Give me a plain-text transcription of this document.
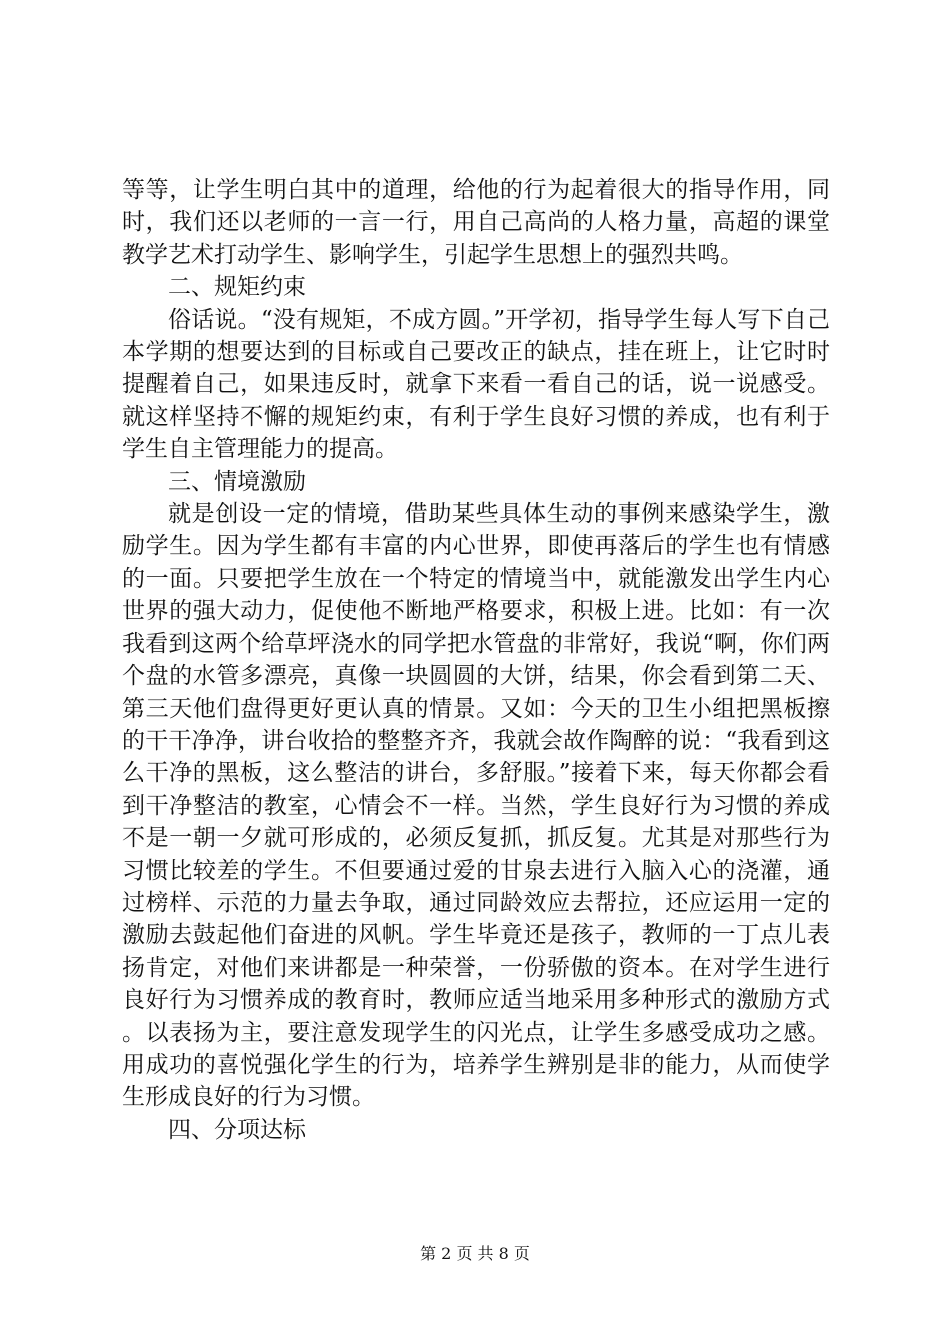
等等，让学生明白其中的道理，给他的行为起着很大的指导作用，同时，我们还以老师的一言一行，用自己高尚的人格力量，高超的课堂教学艺术打动学生、影响学生，引起学生思想上的强烈共鸣。

二、规矩约束

俗话说。“没有规矩，不成方圆。”开学初，指导学生每人写下自己本学期的想要达到的目标或自己要改正的缺点，挂在班上，让它时时提醒着自己，如果违反时，就拿下来看一看自己的话，说一说感受。就这样坚持不懈的规矩约束，有利于学生良好习惯的养成，也有利于学生自主管理能力的提高。

三、情境激励

就是创设一定的情境，借助某些具体生动的事例来感染学生，激励学生。因为学生都有丰富的内心世界，即使再落后的学生也有情感的一面。只要把学生放在一个特定的情境当中，就能激发出学生内心世界的强大动力，促使他不断地严格要求，积极上进。比如：有一次我看到这两个给草坪浇水的同学把水管盘的非常好，我说“啊，你们两个盘的水管多漂亮，真像一块圆圆的大饼，结果，你会看到第二天、第三天他们盘得更好更认真的情景。又如：今天的卫生小组把黑板擦的干干净净，讲台收拾的整整齐齐，我就会故作陶醉的说：“我看到这么干净的黑板，这么整洁的讲台，多舒服。”接着下来，每天你都会看到干净整洁的教室，心情会不一样。当然，学生良好行为习惯的养成不是一朝一夕就可形成的，必须反复抓，抓反复。尤其是对那些行为习惯比较差的学生。不但要通过爱的甘泉去进行入脑入心的浇灌，通过榜样、示范的力量去争取，通过同龄效应去帮拉，还应运用一定的激励去鼓起他们奋进的风帆。学生毕竟还是孩子，教师的一丁点儿表扬肯定，对他们来讲都是一种荣誉，一份骄傲的资本。在对学生进行良好行为习惯养成的教育时，教师应适当地采用多种形式的激励方式。以表扬为主，要注意发现学生的闪光点，让学生多感受成功之感。用成功的喜悦强化学生的行为，培养学生辨别是非的能力，从而使学生形成良好的行为习惯。

四、分项达标

第 2 页 共 8 页
